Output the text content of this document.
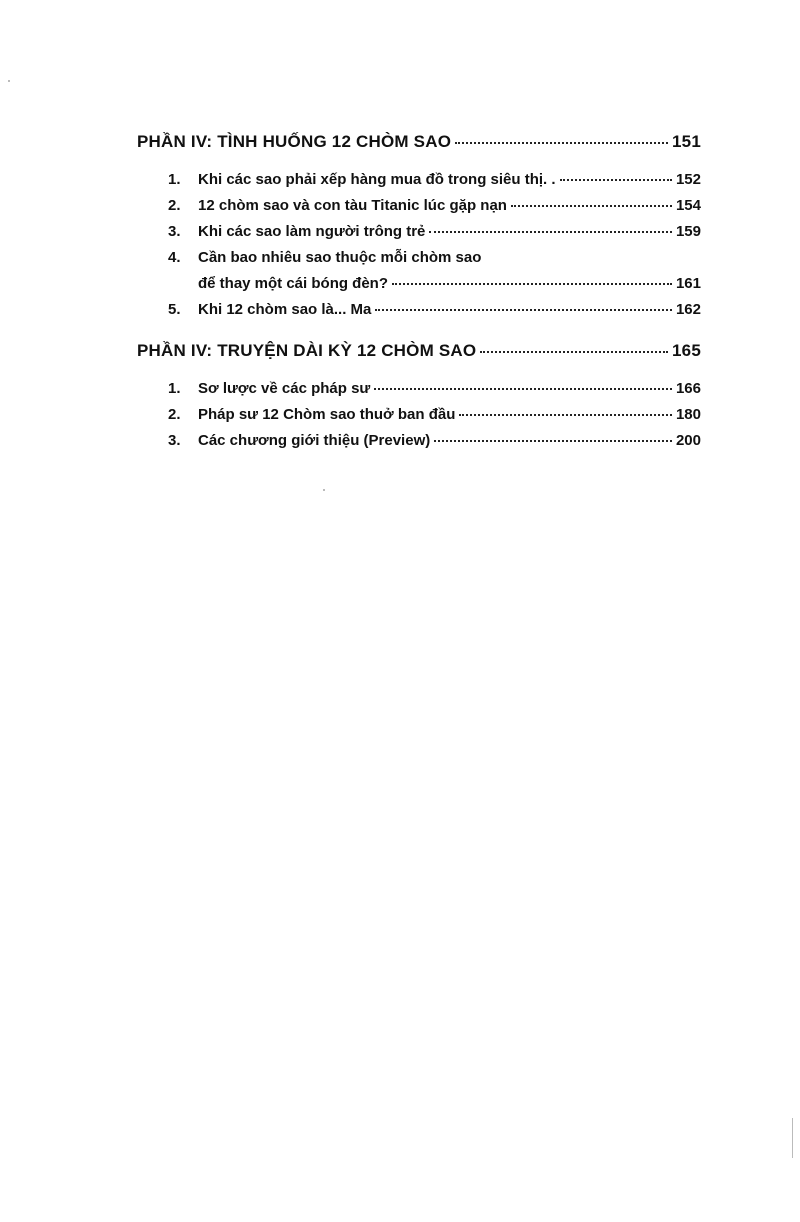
PHẦN IV: TÌNH HUỐNG 12 CHÒM SAO	151
1.	Khi các sao phải xếp hàng mua đồ trong siêu thị. .	152
2.	12 chòm sao và con tàu Titanic lúc gặp nạn	154
3.	Khi các sao làm người trông trẻ	159
4.	Cần bao nhiêu sao thuộc mỗi chòm sao
để thay một cái bóng đèn?	161
5.	Khi 12 chòm sao là... Ma	162
PHẦN IV: TRUYỆN DÀI KỲ 12 CHÒM SAO	165
1.	Sơ lược về các pháp sư	166
2.	Pháp sư 12 Chòm sao thuở ban đầu	180
3.	Các chương giới thiệu (Preview)	200
